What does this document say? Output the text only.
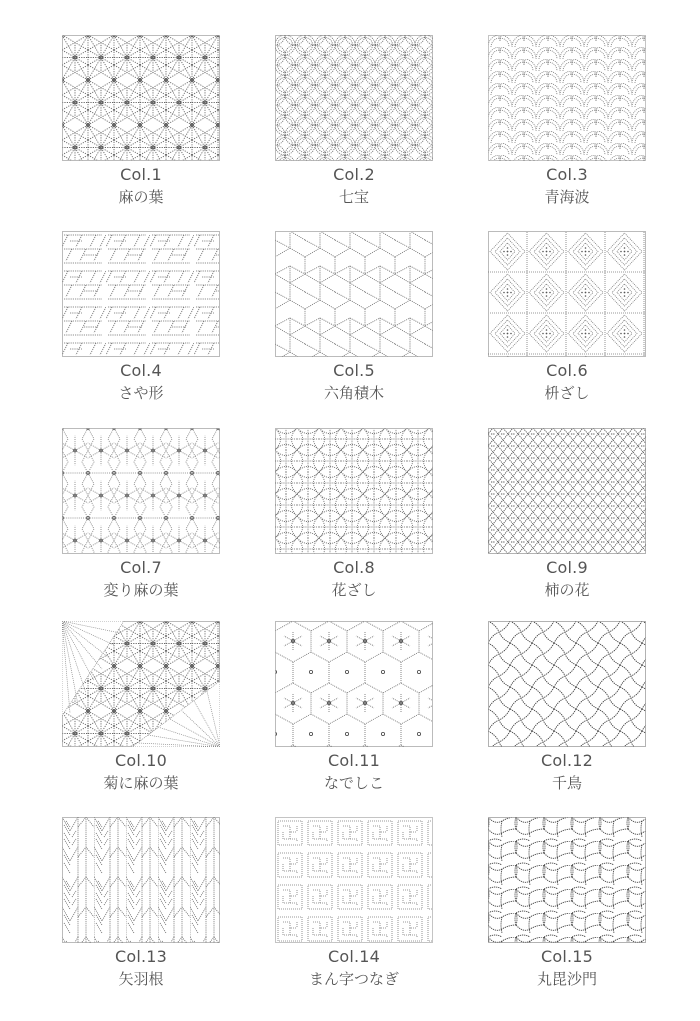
Col.1
麻の葉
Col.2
七宝
Col.3
青海波
Col.4
さや形
Col.5
六角積木
Col.6
枡ざし
Col.7
変り麻の葉
Col.8
花ざし
Col.9
柿の花
Col.10
菊に麻の葉
Col.11
なでしこ
Col.12
千鳥
Col.13
矢羽根
Col.14
まん字つなぎ
Col.15
丸毘沙門
